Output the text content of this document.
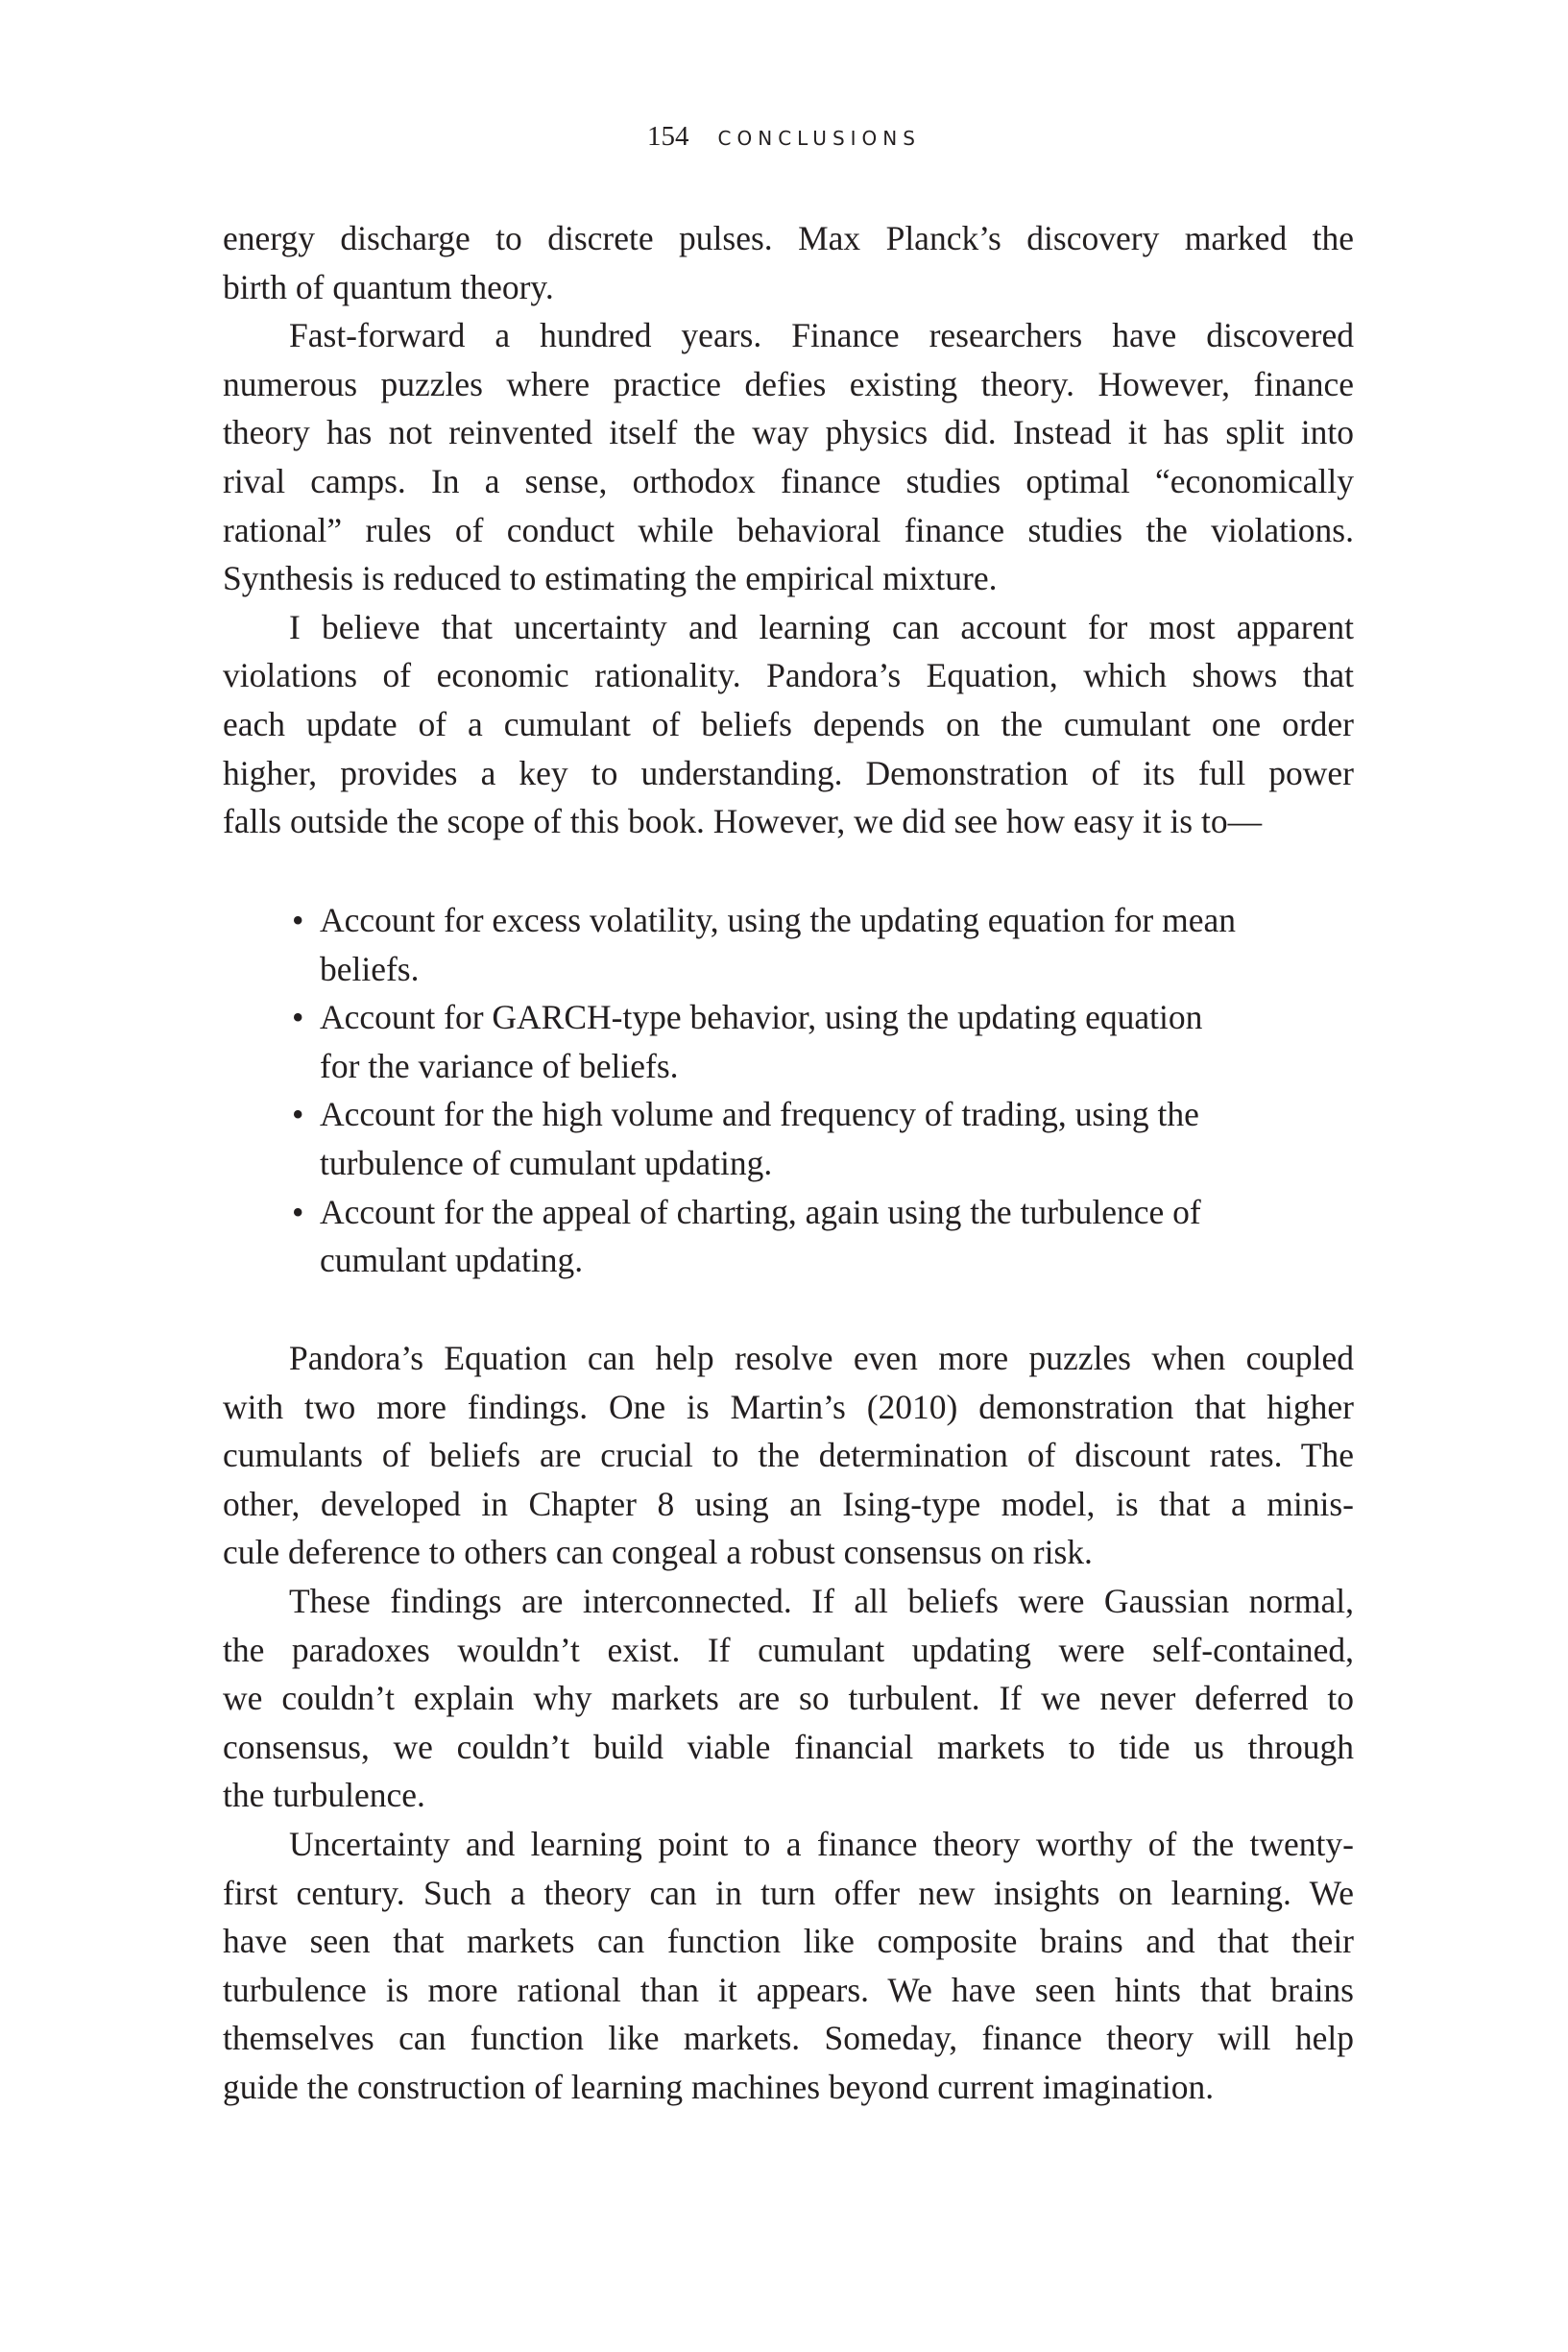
154 CONCLUSIONS
energy discharge to discrete pulses. Max Planck’s discovery marked the
birth of quantum theory.
Fast-forward a hundred years. Finance researchers have discovered
numerous puzzles where practice defies existing theory. However, finance
theory has not reinvented itself the way physics did. Instead it has split into
rival camps. In a sense, orthodox finance studies optimal “economically
rational” rules of conduct while behavioral finance studies the violations.
Synthesis is reduced to estimating the empirical mixture.
I believe that uncertainty and learning can account for most apparent
violations of economic rationality. Pandora’s Equation, which shows that
each update of a cumulant of beliefs depends on the cumulant one order
higher, provides a key to understanding. Demonstration of its full power
falls outside the scope of this book. However, we did see how easy it is to—
• Account for excess volatility, using the updating equation for mean
beliefs.
• Account for GARCH-type behavior, using the updating equation
for the variance of beliefs.
• Account for the high volume and frequency of trading, using the
turbulence of cumulant updating.
• Account for the appeal of charting, again using the turbulence of
cumulant updating.
Pandora’s Equation can help resolve even more puzzles when coupled
with two more findings. One is Martin’s (2010) demonstration that higher
cumulants of beliefs are crucial to the determination of discount rates. The
other, developed in Chapter 8 using an Ising-type model, is that a minis-
cule deference to others can congeal a robust consensus on risk.
These findings are interconnected. If all beliefs were Gaussian normal,
the paradoxes wouldn’t exist. If cumulant updating were self-contained,
we couldn’t explain why markets are so turbulent. If we never deferred to
consensus, we couldn’t build viable financial markets to tide us through
the turbulence.
Uncertainty and learning point to a finance theory worthy of the twenty-
first century. Such a theory can in turn offer new insights on learning. We
have seen that markets can function like composite brains and that their
turbulence is more rational than it appears. We have seen hints that brains
themselves can function like markets. Someday, finance theory will help
guide the construction of learning machines beyond current imagination.
